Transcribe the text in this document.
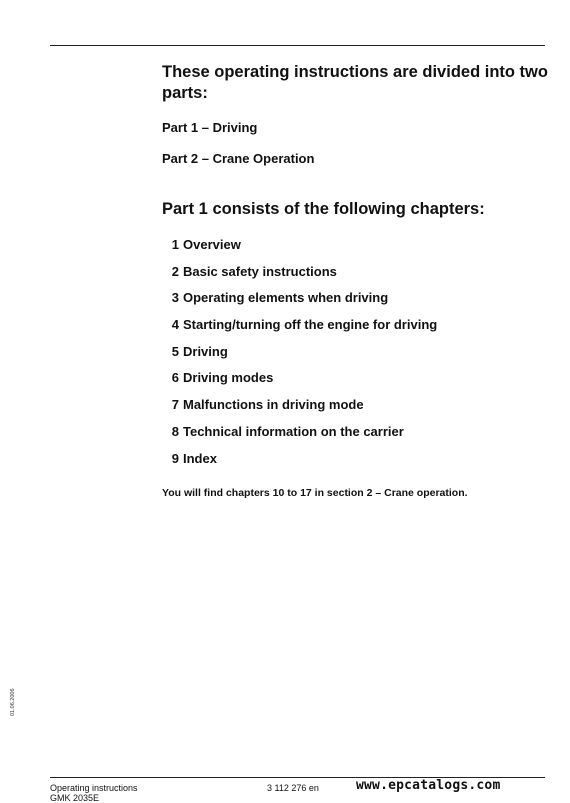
These operating instructions are divided into two parts:

Part 1 – Driving

Part 2 – Crane Operation

Part 1 consists of the following chapters:
1 Overview
2 Basic safety instructions
3 Operating elements when driving
4 Starting/turning off the engine for driving
5 Driving
6 Driving modes
7 Malfunctions in driving mode
8 Technical information on the carrier
9 Index

You will find chapters 10 to 17 in section 2 – Crane operation.

01.06.2006
Operating instructions
GMK 2035E
3 112 276 en	www.epcatalogs.com
